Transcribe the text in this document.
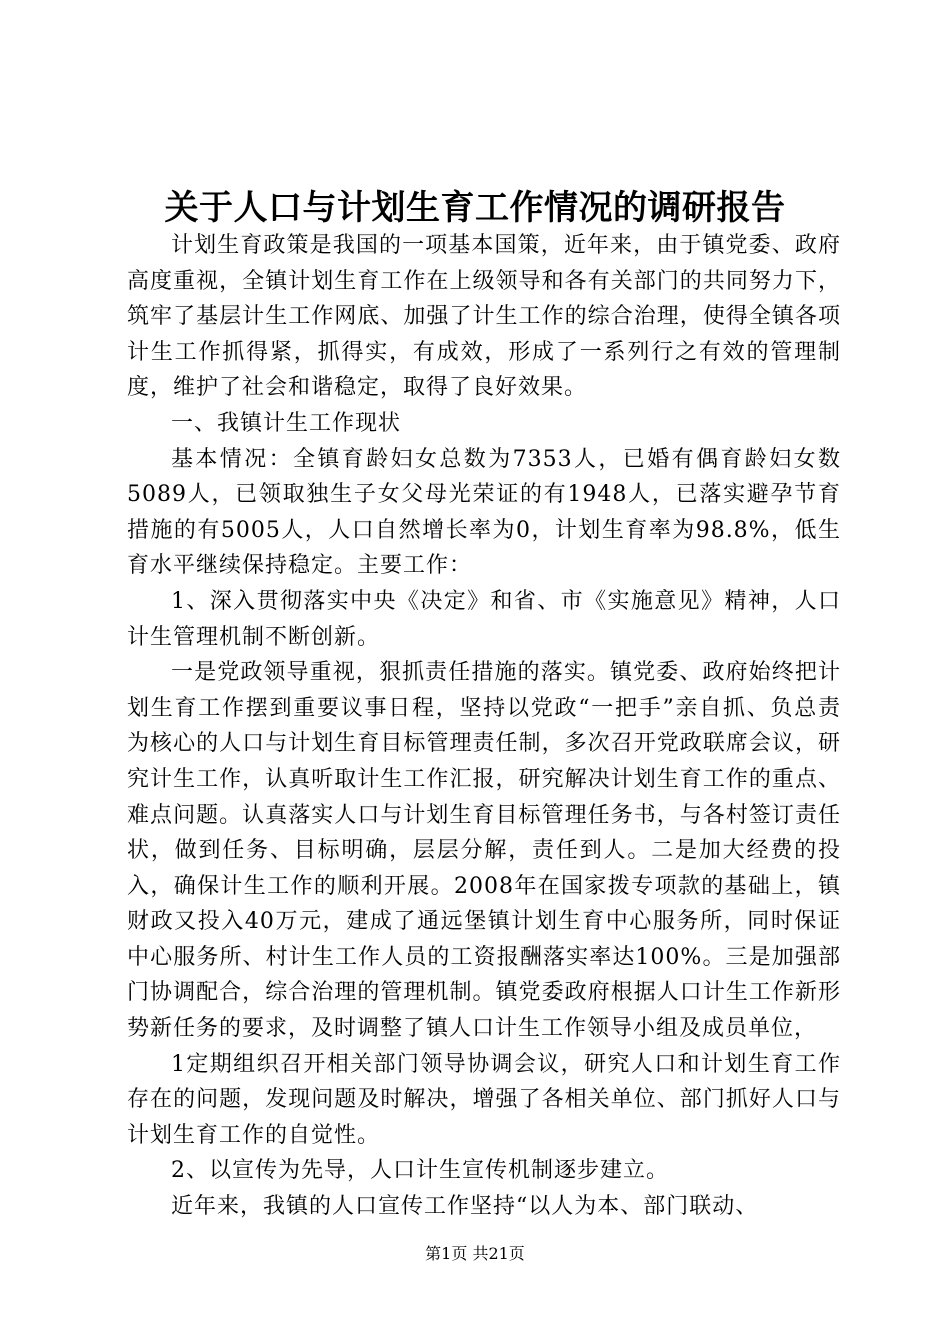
关于人口与计划生育工作情况的调研报告

计划生育政策是我国的一项基本国策，近年来，由于镇党委、政府高度重视，全镇计划生育工作在上级领导和各有关部门的共同努力下，筑牢了基层计生工作网底、加强了计生工作的综合治理，使得全镇各项计生工作抓得紧，抓得实，有成效，形成了一系列行之有效的管理制度，维护了社会和谐稳定，取得了良好效果。

一、我镇计生工作现状

基本情况：全镇育龄妇女总数为7353人，已婚有偶育龄妇女数5089人，已领取独生子女父母光荣证的有1948人，已落实避孕节育措施的有5005人，人口自然增长率为0，计划生育率为98.8%，低生育水平继续保持稳定。主要工作：

1、深入贯彻落实中央《决定》和省、市《实施意见》精神，人口计生管理机制不断创新。

一是党政领导重视，狠抓责任措施的落实。镇党委、政府始终把计划生育工作摆到重要议事日程，坚持以党政“一把手”亲自抓、负总责为核心的人口与计划生育目标管理责任制，多次召开党政联席会议，研究计生工作，认真听取计生工作汇报，研究解决计划生育工作的重点、难点问题。认真落实人口与计划生育目标管理任务书，与各村签订责任状，做到任务、目标明确，层层分解，责任到人。二是加大经费的投入，确保计生工作的顺利开展。2008年在国家拨专项款的基础上，镇财政又投入40万元，建成了通远堡镇计划生育中心服务所，同时保证中心服务所、村计生工作人员的工资报酬落实率达100%。三是加强部门协调配合，综合治理的管理机制。镇党委政府根据人口计生工作新形势新任务的要求，及时调整了镇人口计生工作领导小组及成员单位，

1定期组织召开相关部门领导协调会议，研究人口和计划生育工作存在的问题，发现问题及时解决，增强了各相关单位、部门抓好人口与计划生育工作的自觉性。

2、以宣传为先导，人口计生宣传机制逐步建立。

近年来，我镇的人口宣传工作坚持“以人为本、部门联动、

第1页 共21页
